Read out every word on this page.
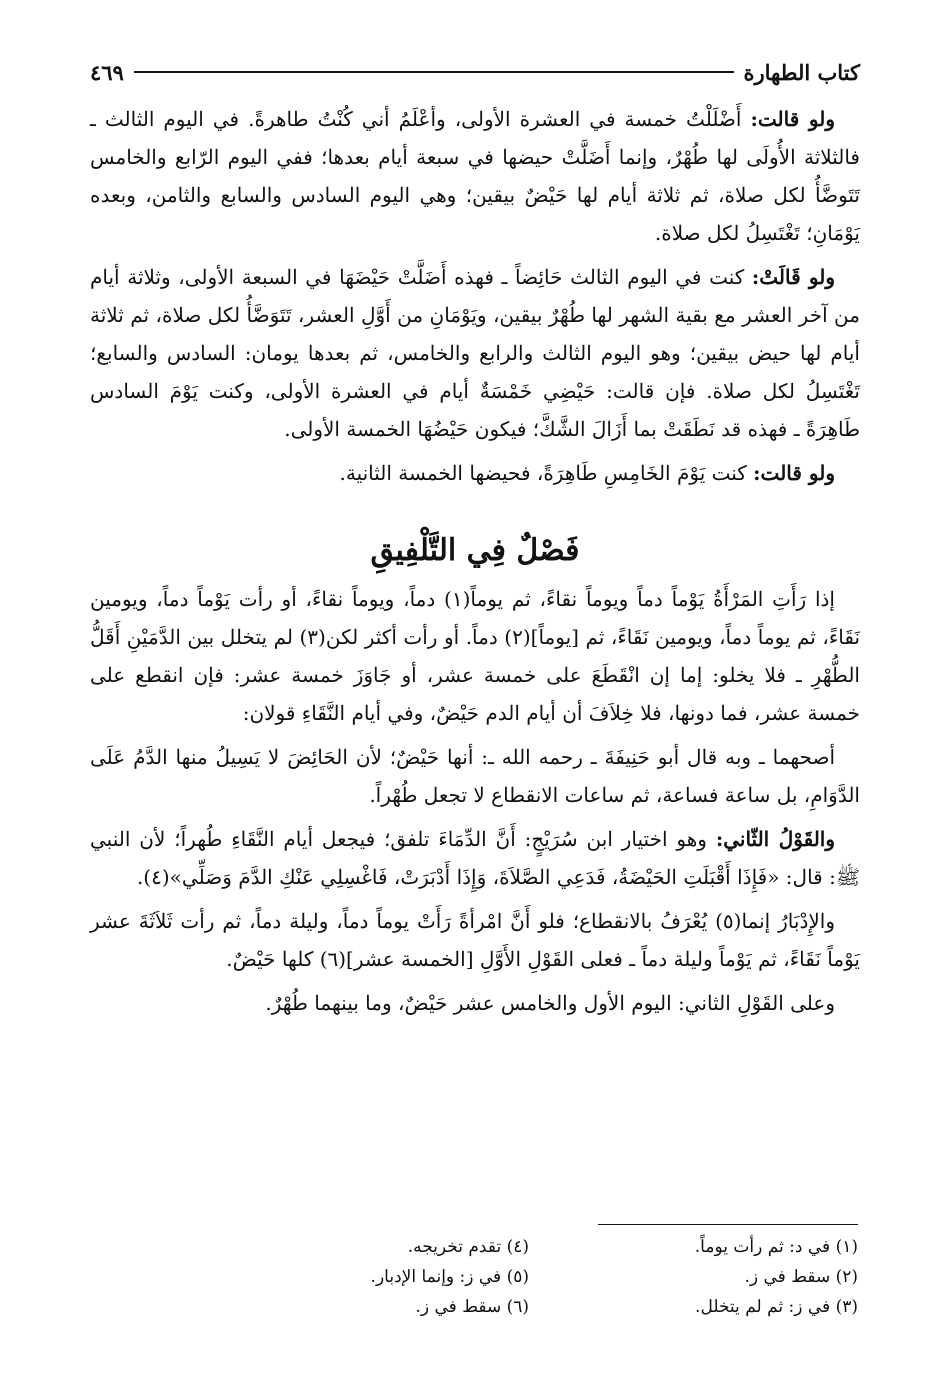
كتاب الطهارة
٤٦٩

ولو قالت: أَضْلَلْتُ خمسة في العشرة الأولى، وأعْلَمُ أني كُنْتُ طاهرةً. في اليوم الثالث ـ فالثلاثة الأُولَى لها طُهْرٌ، وإنما أَضَلَّتْ حيضها في سبعة أيام بعدها؛ ففي اليوم الرّابع والخامس تَتَوضَّأُ لكل صلاة، ثم ثلاثة أيام لها حَيْضٌ بيقين؛ وهي اليوم السادس والسابع والثامن، وبعده يَوْمَانِ؛ تَغْتَسِلُ لكل صلاة.

ولو قَالَتْ: كنت في اليوم الثالث حَائِضاً ـ فهذه أَضَلَّتْ حَيْضَهَا في السبعة الأولى، وثلاثة أيام من آخر العشر مع بقية الشهر لها طُهْرٌ بيقين، ويَوْمَانِ من أَوَّلِ العشر، تَتَوَضَّأُ لكل صلاة، ثم ثلاثة أيام لها حيض بيقين؛ وهو اليوم الثالث والرابع والخامس، ثم بعدها يومان: السادس والسابع؛ تَغْتَسِلُ لكل صلاة. فإن قالت: حَيْضِي خَمْسَةٌ أيام في العشرة الأولى، وكنت يَوْمَ السادس طَاهِرَةً ـ فهذه قد نَطَقَتْ بما أَزَالَ الشَّكَّ؛ فيكون حَيْضُهَا الخمسة الأولى.

ولو قالت: كنت يَوْمَ الخَامِسِ طَاهِرَةً، فحيضها الخمسة الثانية.

فَصْلٌ فِي التَّلْفِيقِ

إذا رَأَتِ المَرْأَةُ يَوْماً دماً ويوماً نقاءً، ثم يوماً(١) دماً، ويوماً نقاءً، أو رأت يَوْماً دماً، ويومين نَقَاءً، ثم يوماً دماً، ويومين نَقَاءً، ثم [يوماً](٢) دماً. أو رأت أكثر لكن(٣) لم يتخلل بين الدَّمَيْنِ أَقَلُّ الطُّهْرِ ـ فلا يخلو: إما إن انْقَطَعَ على خمسة عشر، أو جَاوَزَ خمسة عشر: فإن انقطع على خمسة عشر، فما دونها، فلا خِلاَفَ أن أيام الدم حَيْضٌ، وفي أيام النَّقَاءِ قولان:

أصحهما ـ وبه قال أبو حَنِيفَةَ ـ رحمه الله ـ: أنها حَيْضٌ؛ لأن الحَائِضَ لا يَسِيلُ منها الدَّمُ عَلَى الدَّوَامِ، بل ساعة فساعة، ثم ساعات الانقطاع لا تجعل طُهْراً.

والقَوْلُ الثّاني: وهو اختيار ابن سُرَيْجٍ: أَنَّ الدِّمَاءَ تلفق؛ فيجعل أيام النَّقَاءِ طُهراً؛ لأن النبي ﷺ: قال: «فَإِذَا أَقْبَلَتِ الحَيْضَةُ، فَدَعِي الصَّلاَةَ، وَإِذَا أَدْبَرَتْ، فَاغْسِلِي عَنْكِ الدَّمَ وَصَلِّي»(٤).

والإِدْبَارُ إنما(٥) يُعْرَفُ بالانقطاع؛ فلو أَنَّ امْرأةً رَأَتْ يوماً دماً، وليلة دماً، ثم رأت ثَلاَثَةَ عشر يَوْماً نَقَاءً، ثم يَوْماً وليلة دماً ـ فعلى القَوْلِ الأَوَّلِ [الخمسة عشر](٦) كلها حَيْضٌ.

وعلى القَوْلِ الثاني: اليوم الأول والخامس عشر حَيْضٌ، وما بينهما طُهْرٌ.

(١) في د: ثم رأت يوماً.
(٢) سقط في ز.
(٣) في ز: ثم لم يتخلل.
(٤) تقدم تخريجه.
(٥) في ز: وإنما الإدبار.
(٦) سقط في ز.
